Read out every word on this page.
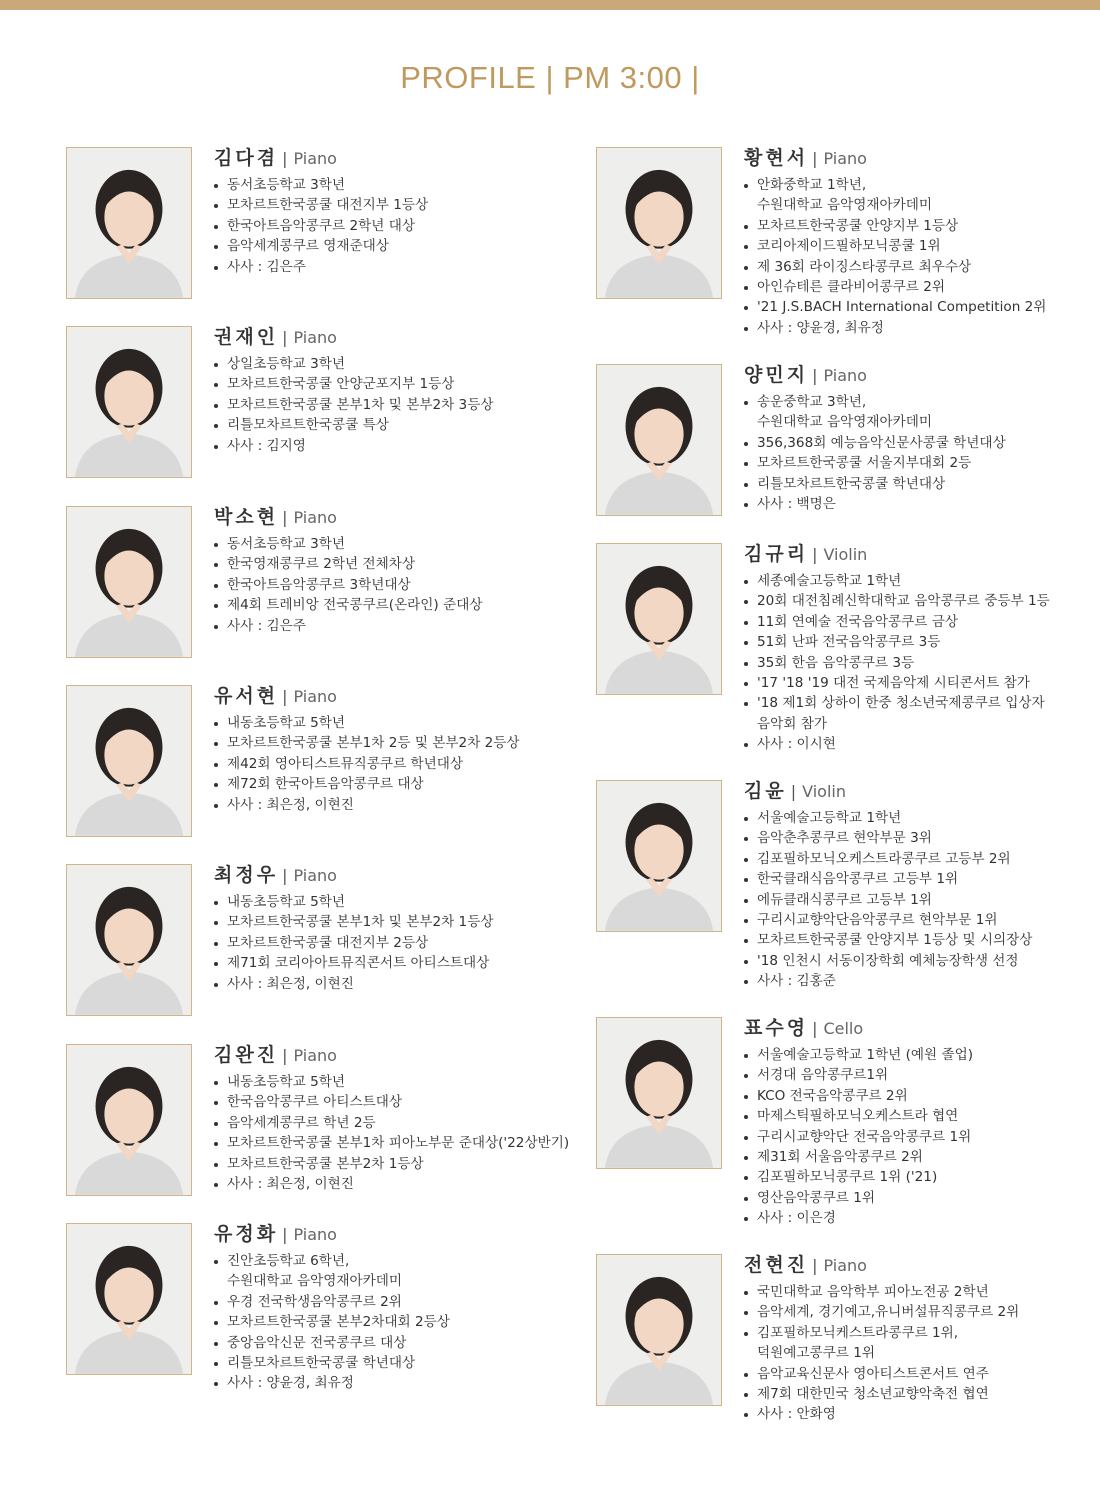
PROFILE | PM 3:00 |
김다겸 | Piano
동서초등학교 3학년
모차르트한국콩쿨 대전지부 1등상
한국아트음악콩쿠르 2학년 대상
음악세계콩쿠르 영재준대상
사사 : 김은주
권재인 | Piano
상일초등학교 3학년
모차르트한국콩쿨 안양군포지부 1등상
모차르트한국콩쿨 본부1차 및 본부2차 3등상
리틀모차르트한국콩쿨 특상
사사 : 김지영
박소현 | Piano
동서초등학교 3학년
한국영재콩쿠르 2학년 전체차상
한국아트음악콩쿠르 3학년대상
제4회 트레비앙 전국콩쿠르(온라인) 준대상
사사 : 김은주
유서현 | Piano
내동초등학교 5학년
모차르트한국콩쿨 본부1차 2등 및 본부2차 2등상
제42회 영아티스트뮤직콩쿠르 학년대상
제72회 한국아트음악콩쿠르 대상
사사 : 최은정, 이현진
최정우 | Piano
내동초등학교 5학년
모차르트한국콩쿨 본부1차 및 본부2차 1등상
모차르트한국콩쿨 대전지부 2등상
제71회 코리아아트뮤직콘서트 아티스트대상
사사 : 최은정, 이현진
김완진 | Piano
내동초등학교 5학년
한국음악콩쿠르 아티스트대상
음악세계콩쿠르 학년 2등
모차르트한국콩쿨 본부1차 피아노부문 준대상('22상반기)
모차르트한국콩쿨 본부2차 1등상
사사 : 최은정, 이현진
유정화 | Piano
진안초등학교 6학년,
수원대학교 음악영재아카데미
우경 전국학생음악콩쿠르 2위
모차르트한국콩쿨 본부2차대회 2등상
중앙음악신문 전국콩쿠르 대상
리틀모차르트한국콩쿨 학년대상
사사 : 양윤경, 최유정
황현서 | Piano
안화중학교 1학년,
수원대학교 음악영재아카데미
모차르트한국콩쿨 안양지부 1등상
코리아제이드필하모닉콩쿨 1위
제 36회 라이징스타콩쿠르 최우수상
아인슈테른 클라비어콩쿠르 2위
'21 J.S.BACH International Competition 2위
사사 : 양윤경, 최유정
양민지 | Piano
송운중학교 3학년,
수원대학교 음악영재아카데미
356,368회 예능음악신문사콩쿨 학년대상
모차르트한국콩쿨 서울지부대회 2등
리틀모차르트한국콩쿨 학년대상
사사 : 백명은
김규리 | Violin
세종예술고등학교 1학년
20회 대전침례신학대학교 음악콩쿠르 중등부 1등
11회 연예술 전국음악콩쿠르 금상
51회 난파 전국음악콩쿠르 3등
35회 한음 음악콩쿠르 3등
'17 '18 '19 대전 국제음악제 시티콘서트 참가
'18 제1회 상하이 한중 청소년국제콩쿠르 입상자
음악회 참가
사사 : 이시현
김윤 | Violin
서울예술고등학교 1학년
음악춘추콩쿠르 현악부문 3위
김포필하모닉오케스트라콩쿠르 고등부 2위
한국클래식음악콩쿠르 고등부 1위
에듀클래식콩쿠르 고등부 1위
구리시교향악단음악콩쿠르 현악부문 1위
모차르트한국콩쿨 안양지부 1등상 및 시의장상
'18 인천시 서동이장학회 예체능장학생 선정
사사 : 김홍준
표수영 | Cello
서울예술고등학교 1학년 (예원 졸업)
서경대 음악콩쿠르1위
KCO 전국음악콩쿠르 2위
마제스틱필하모닉오케스트라 협연
구리시교향악단 전국음악콩쿠르 1위
제31회 서울음악콩쿠르 2위
김포필하모닉콩쿠르 1위 ('21)
영산음악콩쿠르 1위
사사 : 이은경
전현진 | Piano
국민대학교 음악학부 피아노전공 2학년
음악세계, 경기예고,유니버설뮤직콩쿠르 2위
김포필하모닉케스트라콩쿠르 1위,
덕원예고콩쿠르 1위
음악교육신문사 영아티스트콘서트 연주
제7회 대한민국 청소년교향악축전 협연
사사 : 안화영
